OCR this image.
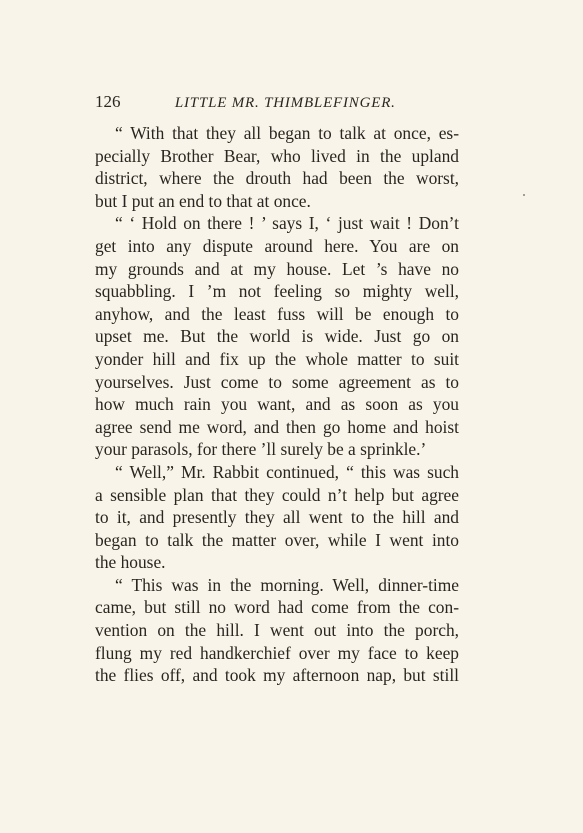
126	LITTLE MR. THIMBLEFINGER.
“ With that they all began to talk at once, es-
pecially Brother Bear, who lived in the upland
district, where the drouth had been the worst,
but I put an end to that at once.
“ ‘ Hold on there ! ’ says I, ‘ just wait ! Don’t
get into any dispute around here. You are on
my grounds and at my house. Let ’s have no
squabbling. I ’m not feeling so mighty well,
anyhow, and the least fuss will be enough to
upset me. But the world is wide. Just go on
yonder hill and fix up the whole matter to suit
yourselves. Just come to some agreement as to
how much rain you want, and as soon as you
agree send me word, and then go home and hoist
your parasols, for there ’ll surely be a sprinkle.’
“ Well,” Mr. Rabbit continued, “ this was such
a sensible plan that they could n’t help but agree
to it, and presently they all went to the hill and
began to talk the matter over, while I went into
the house.
“ This was in the morning. Well, dinner-time
came, but still no word had come from the con-
vention on the hill. I went out into the porch,
flung my red handkerchief over my face to keep
the flies off, and took my afternoon nap, but still
